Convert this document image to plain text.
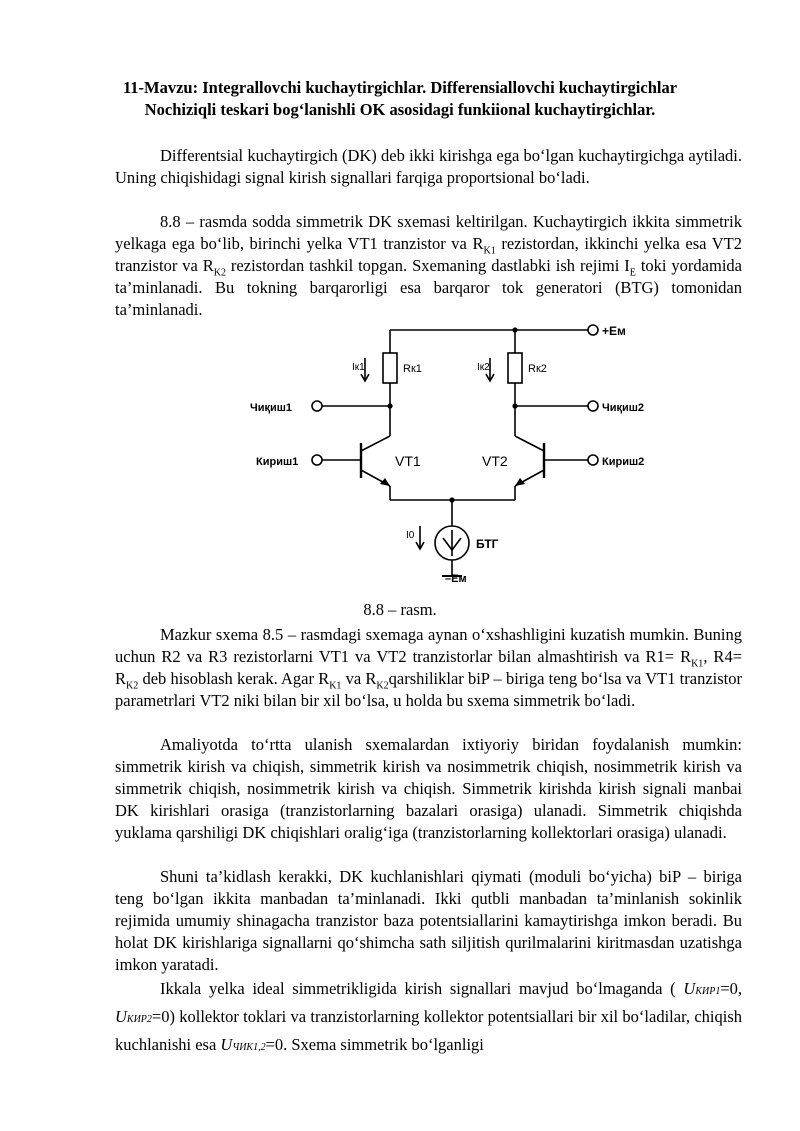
11-Mavzu: Integrallovchi kuchaytirgichlar. Differensiallovchi kuchaytirgichlar Nochiziqli teskari bog‘lanishli OK asosidagi funkiional kuchaytirgichlar.

Differentsial kuchaytirgich (DK) deb ikki kirishga ega bo‘lgan kuchaytirgichga aytiladi. Uning chiqishidagi signal kirish signallari farqiga proportsional bo‘ladi.

8.8 – rasmda sodda simmetrik DK sxemasi keltirilgan. Kuchaytirgich ikkita simmetrik yelkaga ega bo‘lib, birinchi yelka VT1 tranzistor va $R_{K1}$ rezistordan, ikkinchi yelka esa VT2 tranzistor va $R_{K2}$ rezistordan tashkil topgan. Sxemaning dastlabki ish rejimi $I_E$ toki yordamida ta’minlanadi. Bu tokning barqarorligi esa barqaror tok generatori (BTG) tomonidan ta’minlanadi.

+Ем
Iк1	Rк1	Iк2	Rк2
Чиқиш1	Чиқиш2
Кириш1	Кириш2
VT1	VT2
I0
БТГ
–Ем
8.8 – rasm.

Mazkur sxema 8.5 – rasmdagi sxemaga aynan o‘xshashligini kuzatish mumkin. Buning uchun R2 va R3 rezistorlarni VT1 va VT2 tranzistorlar bilan almashtirish va $R1= R_{K1}$, $R4= R_{K2}$ deb hisoblash kerak. Agar $R_{K1}$ va $R_{K2}qarshiliklar$ biP – biriga teng bo‘lsa va VT1 tranzistor parametrlari VT2 niki bilan bir xil bo‘lsa, u holda bu sxema simmetrik bo‘ladi.

Amaliyotda to‘rtta ulanish sxemalardan ixtiyoriy biridan foydalanish mumkin: simmetrik kirish va chiqish, simmetrik kirish va nosimmetrik chiqish, nosimmetrik kirish va simmetrik chiqish, nosimmetrik kirish va chiqish. Simmetrik kirishda kirish signali manbai DK kirishlari orasiga (tranzistorlarning bazalari orasiga) ulanadi. Simmetrik chiqishda yuklama qarshiligi DK chiqishlari oralig‘iga (tranzistorlarning kollektorlari orasiga) ulanadi.

Shuni ta’kidlash kerakki, DK kuchlanishlari qiymati (moduli bo‘yicha) biP – biriga teng bo‘lgan ikkita manbadan ta’minlanadi. Ikki qutbli manbadan ta’minlanish sokinlik rejimida umumiy shinagacha tranzistor baza potentsiallarini kamaytirishga imkon beradi. Bu holat DK kirishlariga signallarni qo‘shimcha sath siljitish qurilmalarini kiritmasdan uzatishga imkon yaratadi.

Ikkala yelka ideal simmetrikligida kirish signallari mavjud bo‘lmaganda ( UКИР1=0, UКИР2=0) kollektor toklari va tranzistorlarning kollektor potentsiallari bir xil bo‘ladilar, chiqish kuchlanishi esa UЧИК1,2=0. Sxema simmetrik bo‘lganligi
